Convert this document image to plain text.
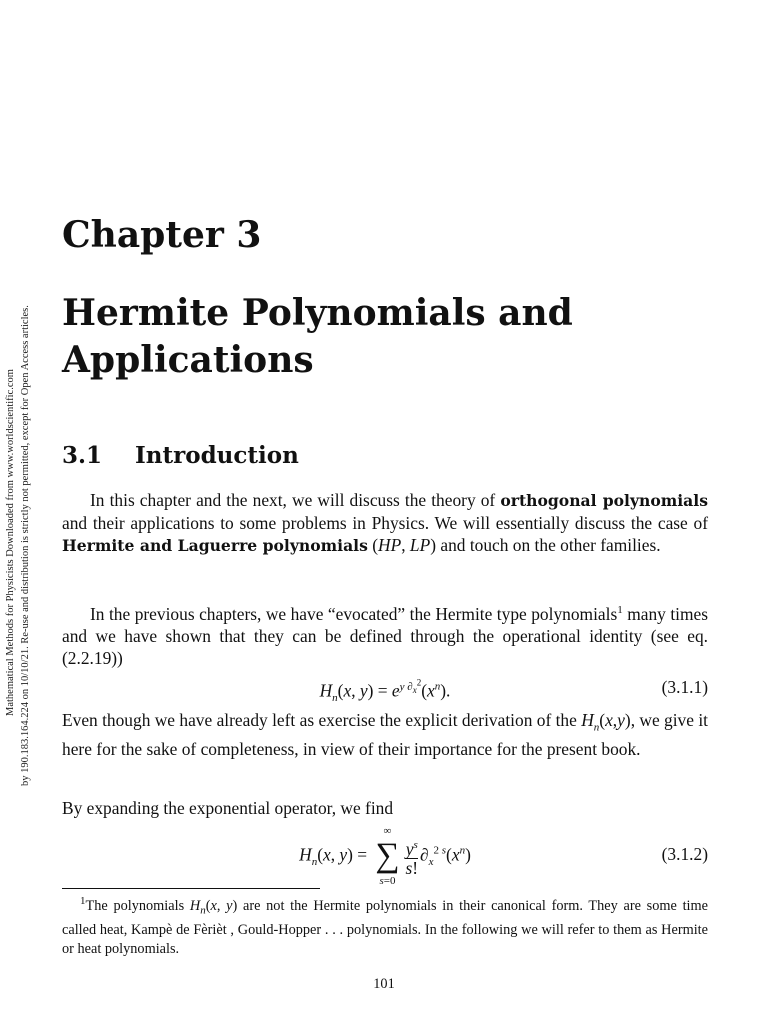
Mathematical Methods for Physicists Downloaded from www.worldscientific.com by 190.183.164.224 on 10/10/21. Re-use and distribution is strictly not permitted, except for Open Access articles.
Chapter 3
Hermite Polynomials and Applications
3.1 Introduction

In this chapter and the next, we will discuss the theory of orthogonal polynomials and their applications to some problems in Physics. We will essentially discuss the case of Hermite and Laguerre polynomials (HP, LP) and touch on the other families.

In the previous chapters, we have “evocated” the Hermite type polynomials$^1$ many times and we have shown that they can be defined through the operational identity (see eq. (2.2.19))

$H_n(x$, $y) = e^{y \partial_x^2}(x^n)$.	(3.1.1)

Even though we have already left as exercise the explicit derivation of the $H_n(x,y)$, we give it here for the sake of completeness, in view of their importance for the present book.

By expanding the exponential operator, we find

$H_n(x$, y) =
∞
∑
s=0
$\frac{y^s}{s!} \partial_x^{2 s}(x^n)$	(3.1.2)
$^1$The polynomials $H_n(x$, y) are not the Hermite polynomials in their canonical form. They are some time called heat, Kampè de Fèrièt , Gould-Hopper . . . polynomials. In the following we will refer to them as Hermite or heat polynomials.
101
